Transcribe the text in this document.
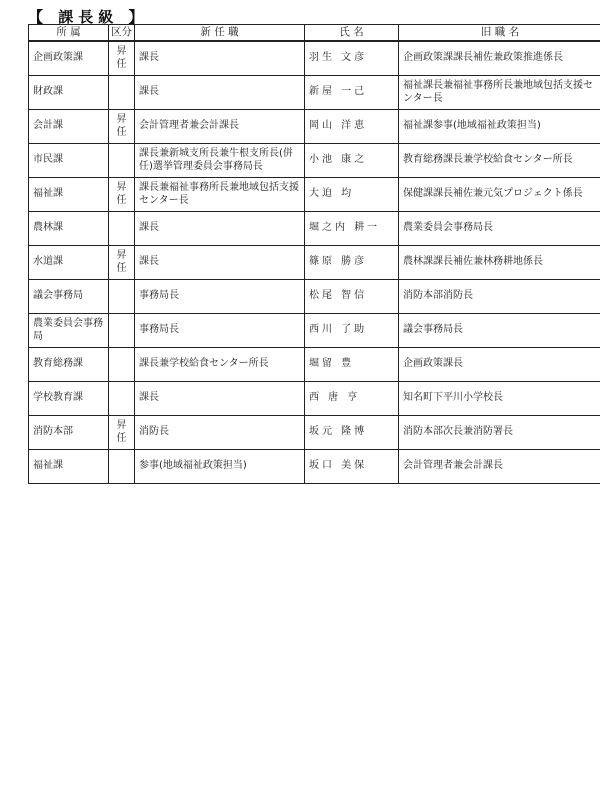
【 課長級 】
所 属	区分	新 任 職	氏 名	旧 職 名

企画政策課	昇任	課長	羽生 文彦	企画政策課課長補佐兼政策推進係長
財政課		課長	新屋 一己	福祉課長兼福祉事務所長兼地域包括支援センター長
会計課	昇任	会計管理者兼会計課長	岡山 洋恵	福祉課参事(地域福祉政策担当)
市民課		課長兼新城支所長兼牛根支所長(併任)選挙管理委員会事務局長	小池 康之	教育総務課長兼学校給食センター所長
福祉課	昇任	課長兼福祉事務所長兼地域包括支援センター長	大迫 均	保健課課長補佐兼元気プロジェクト係長
農林課		課長	堀之内 耕一	農業委員会事務局長
水道課	昇任	課長	篠原 勝彦	農林課課長補佐兼林務耕地係長
議会事務局		事務局長	松尾 智信	消防本部消防長
農業委員会事務局		事務局長	西川 了助	議会事務局長
教育総務課		課長兼学校給食センター所長	堀留 豊	企画政策課長
学校教育課		課長	西 唐 亨	知名町下平川小学校長
消防本部	昇任	消防長	坂元 隆博	消防本部次長兼消防署長
福祉課		参事(地域福祉政策担当)	坂口 美保	会計管理者兼会計課長
